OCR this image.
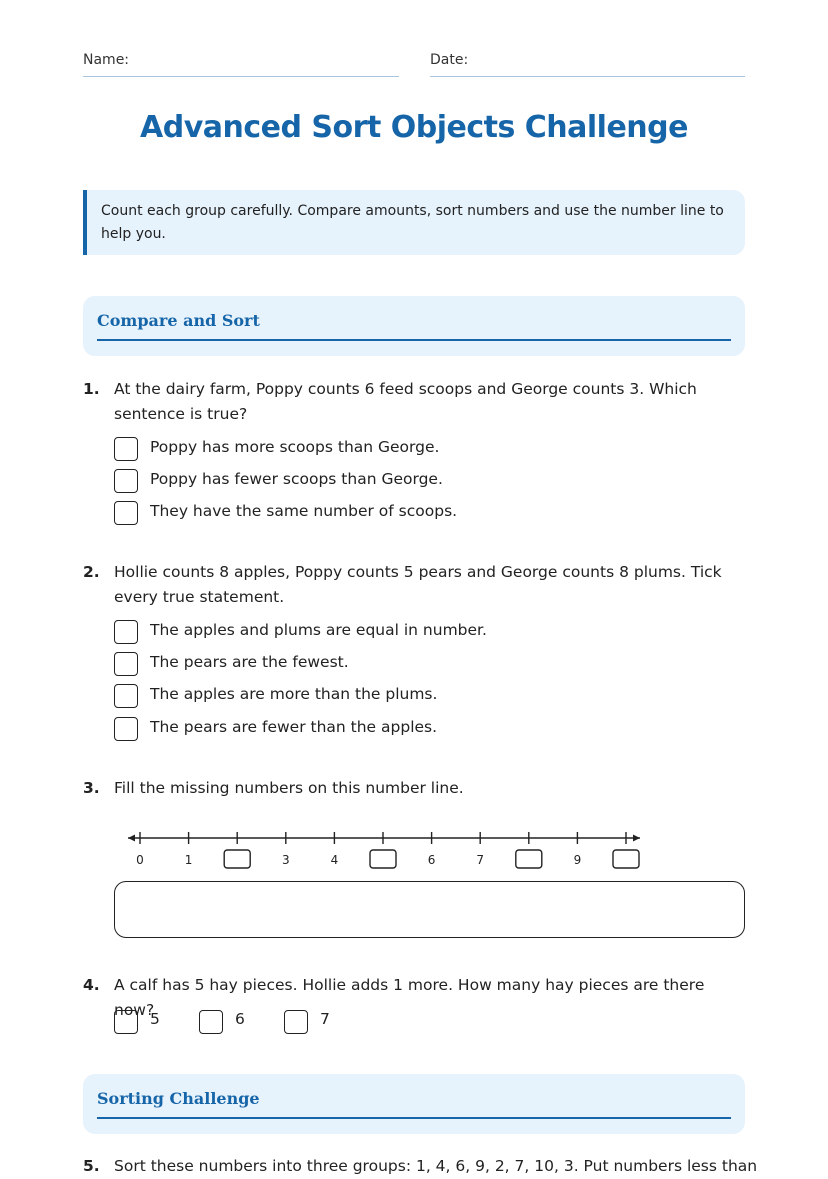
Name:	Date:
Advanced Sort Objects Challenge
Count each group carefully. Compare amounts, sort numbers and use the number line to help you.
Compare and Sort
1. At the dairy farm, Poppy counts 6 feed scoops and George counts 3. Which sentence is true?
Poppy has more scoops than George.
Poppy has fewer scoops than George.
They have the same number of scoops.
2. Hollie counts 8 apples, Poppy counts 5 pears and George counts 8 plums. Tick every true statement.
The apples and plums are equal in number.
The pears are the fewest.
The apples are more than the plums.
The pears are fewer than the apples.
3. Fill the missing numbers on this number line.
0	1	3	4	6	7	9
4. A calf has 5 hay pieces. Hollie adds 1 more. How many hay pieces are there now?
5	6	7
Sorting Challenge
5. Sort these numbers into three groups: 1, 4, 6, 9, 2, 7, 10, 3. Put numbers less than
